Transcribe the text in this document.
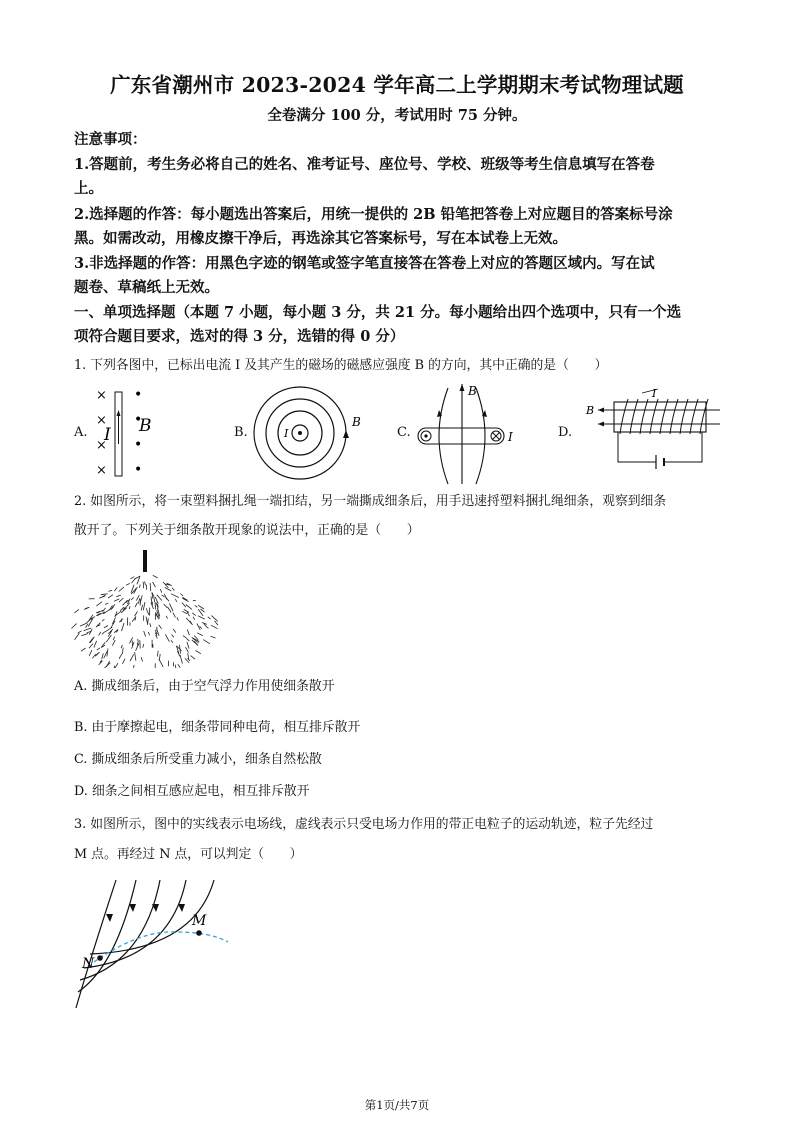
广东省潮州市 2023-2024 学年高二上学期期末考试物理试题
全卷满分 100 分，考试用时 75 分钟。
注意事项：
1.答题前，考生务必将自己的姓名、准考证号、座位号、学校、班级等考生信息填写在答卷
上。
2.选择题的作答：每小题选出答案后，用统一提供的 2B 铅笔把答卷上对应题目的答案标号涂
黑。如需改动，用橡皮擦干净后，再选涂其它答案标号，写在本试卷上无效。
3.非选择题的作答：用黑色字迹的钢笔或签字笔直接答在答卷上对应的答题区域内。写在试
题卷、草稿纸上无效。
一、单项选择题（本题 7 小题，每小题 3 分，共 21 分。每小题给出四个选项中，只有一个选
项符合题目要求，选对的得 3 分，选错的得 0 分）
1. 下列各图中，已标出电流 I 及其产生的磁场的磁感应强度 B 的方向，其中正确的是（　　）
A.	B.	C.	D.
×
×
×
×
•
•
•
•
I B	I
B
B
I
B
I
2. 如图所示，将一束塑料捆扎绳一端扣结，另一端撕成细条后，用手迅速捋塑料捆扎绳细条，观察到细条
散开了。下列关于细条散开现象的说法中，正确的是（　　）
A. 撕成细条后，由于空气浮力作用使细条散开
B. 由于摩擦起电，细条带同种电荷，相互排斥散开
C. 撕成细条后所受重力减小，细条自然松散
D. 细条之间相互感应起电，相互排斥散开
3. 如图所示，图中的实线表示电场线，虚线表示只受电场力作用的带正电粒子的运动轨迹，粒子先经过
M 点。再经过 N 点，可以判定（　　）
M
N
第1页/共7页
